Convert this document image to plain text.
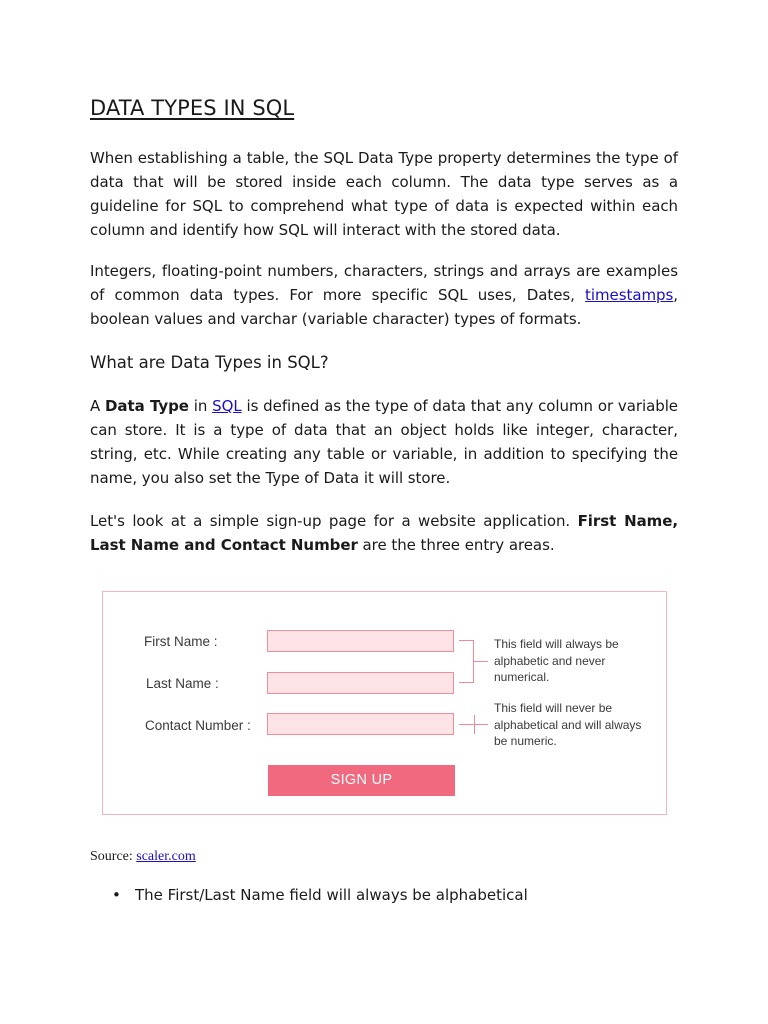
DATA TYPES IN SQL

When establishing a table, the SQL Data Type property determines the type of data that will be stored inside each column. The data type serves as a guideline for SQL to comprehend what type of data is expected within each column and identify how SQL will interact with the stored data.

Integers, floating-point numbers, characters, strings and arrays are examples of common data types. For more specific SQL uses, Dates, timestamps, boolean values and varchar (variable character) types of formats.

What are Data Types in SQL?

A Data Type in SQL is defined as the type of data that any column or variable can store. It is a type of data that an object holds like integer, character, string, etc. While creating any table or variable, in addition to specifying the name, you also set the Type of Data it will store.

Let's look at a simple sign-up page for a website application. First Name, Last Name and Contact Number are the three entry areas.

First Name :
Last Name :
Contact Number :
This field will always be alphabetic and never numerical.
This field will never be alphabetical and will always be numeric.
SIGN UP
Source: scaler.com
• The First/Last Name field will always be alphabetical
